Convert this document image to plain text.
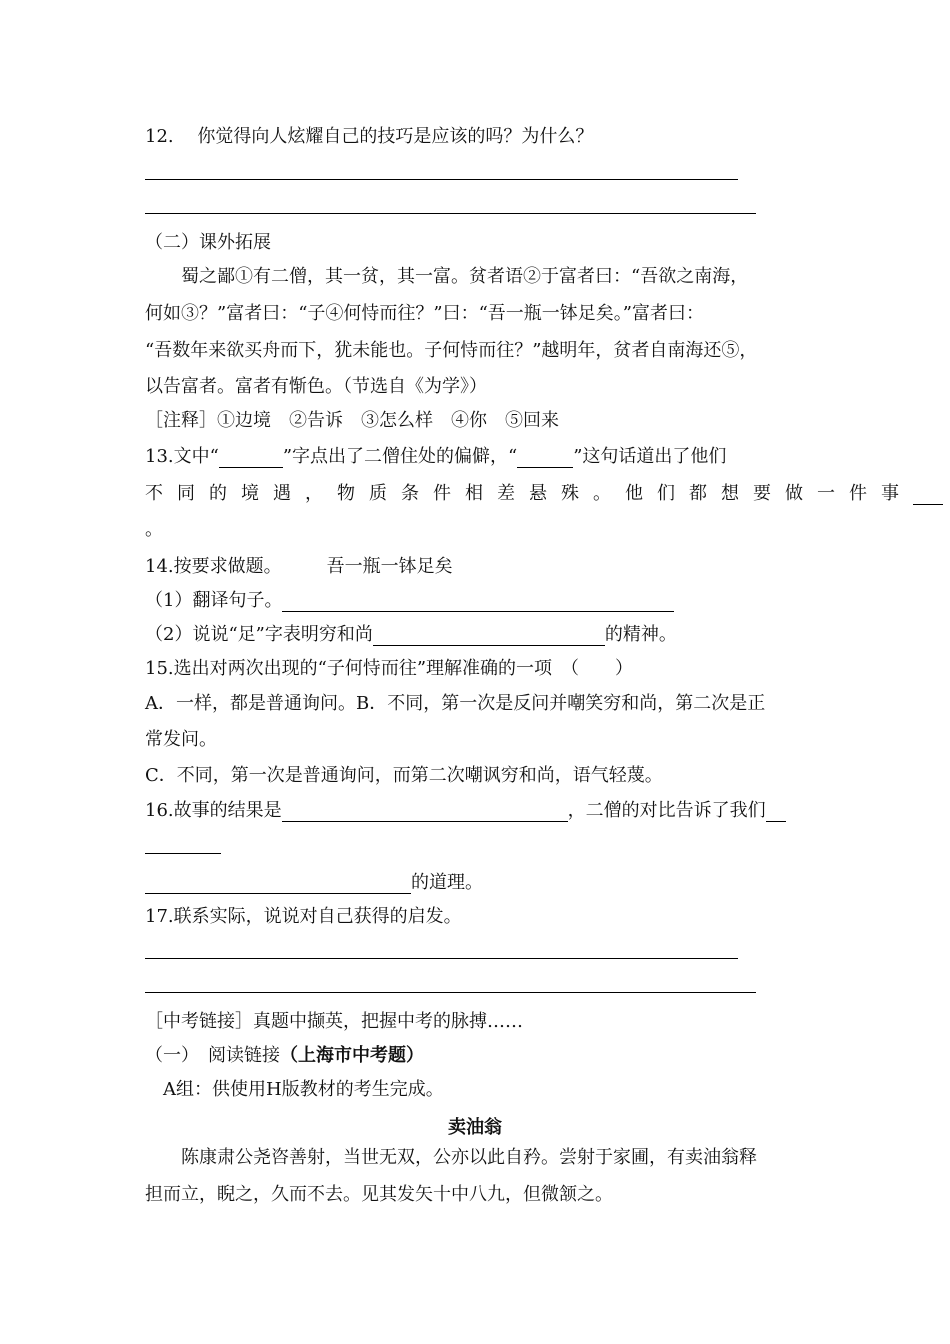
12.　 你觉得向人炫耀自己的技巧是应该的吗？为什么？
（二）课外拓展
　　蜀之鄙①有二僧，其一贫，其一富。贫者语②于富者曰：“吾欲之南海，
何如③？”富者曰：“子④何恃而往？”曰：“吾一瓶一钵足矣。”富者曰：
“吾数年来欲买舟而下，犹未能也。子何恃而往？”越明年，贫者自南海还⑤，
以告富者。富者有惭色。（节选自《为学》）
［注释］①边境　②告诉　③怎么样　④你　⑤回来
13.文中“	”字点出了二僧住处的偏僻，“	”这句话道出了他们
不同的境遇，物质条件相差悬殊。他们都想要做一件事
。
14.按要求做题。　　　吾一瓶一钵足矣
（1）翻译句子。
（2）说说“足”字表明穷和尚	的精神。
15.选出对两次出现的“子何恃而往”理解准确的一项　（　　）
A．一样，都是普通询问。B．不同，第一次是反问并嘲笑穷和尚，第二次是正
常发问。
C．不同，第一次是普通询问，而第二次嘲讽穷和尚，语气轻蔑。
16.故事的结果是	，二僧的对比告诉了我们
的道理。
17.联系实际，说说对自己获得的启发。
［中考链接］真题中撷英，把握中考的脉搏……
（一）　阅读链接（上海市中考题）
　A组：供使用H版教材的考生完成。
卖油翁
　　陈康肃公尧咨善射，当世无双，公亦以此自矜。尝射于家圃，有卖油翁释
担而立，睨之，久而不去。见其发矢十中八九，但微颔之。
